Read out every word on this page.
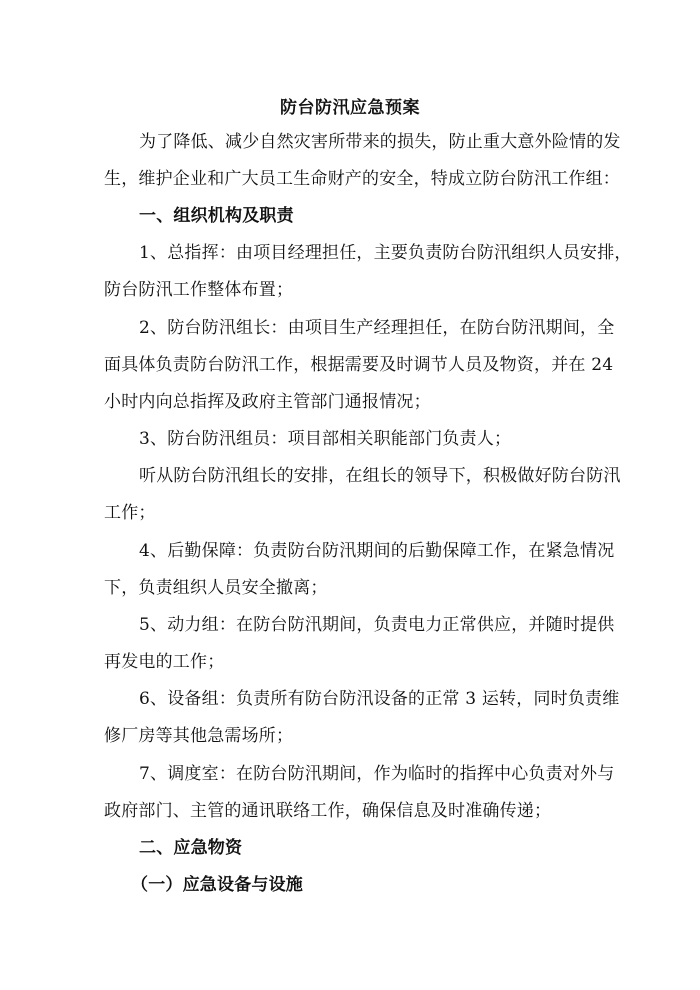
防台防汛应急预案
为了降低、减少自然灾害所带来的损失，防止重大意外险情的发
生，维护企业和广大员工生命财产的安全，特成立防台防汛工作组：
一、组织机构及职责
1、总指挥：由项目经理担任，主要负责防台防汛组织人员安排，
防台防汛工作整体布置；
2、防台防汛组长：由项目生产经理担任，在防台防汛期间，全
面具体负责防台防汛工作，根据需要及时调节人员及物资，并在 24
小时内向总指挥及政府主管部门通报情况；
3、防台防汛组员：项目部相关职能部门负责人；
听从防台防汛组长的安排，在组长的领导下，积极做好防台防汛
工作；
4、后勤保障：负责防台防汛期间的后勤保障工作，在紧急情况
下，负责组织人员安全撤离；
5、动力组：在防台防汛期间，负责电力正常供应，并随时提供
再发电的工作；
6、设备组：负责所有防台防汛设备的正常 3 运转，同时负责维
修厂房等其他急需场所；
7、调度室：在防台防汛期间，作为临时的指挥中心负责对外与
政府部门、主管的通讯联络工作，确保信息及时准确传递；
二、应急物资
（一）应急设备与设施
